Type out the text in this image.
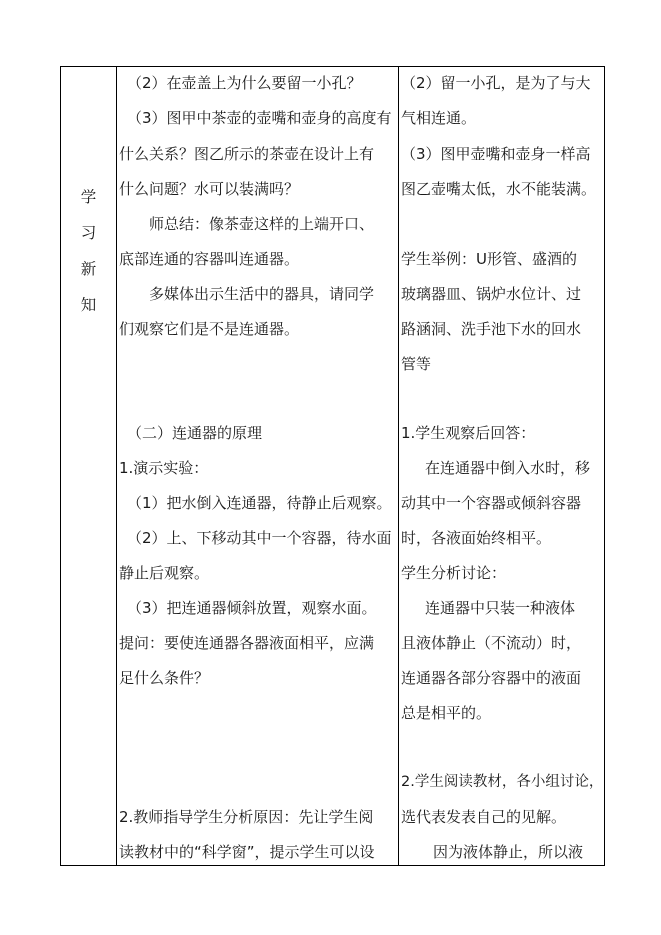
学
习
新
知
（2）在壶盖上为什么要留一小孔？
（3）图甲中茶壶的壶嘴和壶身的高度有
什么关系？图乙所示的茶壶在设计上有
什么问题？水可以装满吗？
师总结：像茶壶这样的上端开口、
底部连通的容器叫连通器。
多媒体出示生活中的器具，请同学
们观察它们是不是连通器。
（二）连通器的原理
1.演示实验：
（1）把水倒入连通器，待静止后观察。
（2）上、下移动其中一个容器，待水面
静止后观察。
（3）把连通器倾斜放置，观察水面。
提问：要使连通器各器液面相平，应满
足什么条件？
2.教师指导学生分析原因：先让学生阅
读教材中的“科学窗”，提示学生可以设
（2）留一小孔，是为了与大
气相连通。
（3）图甲壶嘴和壶身一样高
图乙壶嘴太低，水不能装满。
学生举例：U形管、盛酒的
玻璃器皿、锅炉水位计、过
路涵洞、洗手池下水的回水
管等
1.学生观察后回答：
在连通器中倒入水时，移
动其中一个容器或倾斜容器
时，各液面始终相平。
学生分析讨论：
连通器中只装一种液体
且液体静止（不流动）时，
连通器各部分容器中的液面
总是相平的。
2.学生阅读教材，各小组讨论，
选代表发表自己的见解。
因为液体静止，所以液
